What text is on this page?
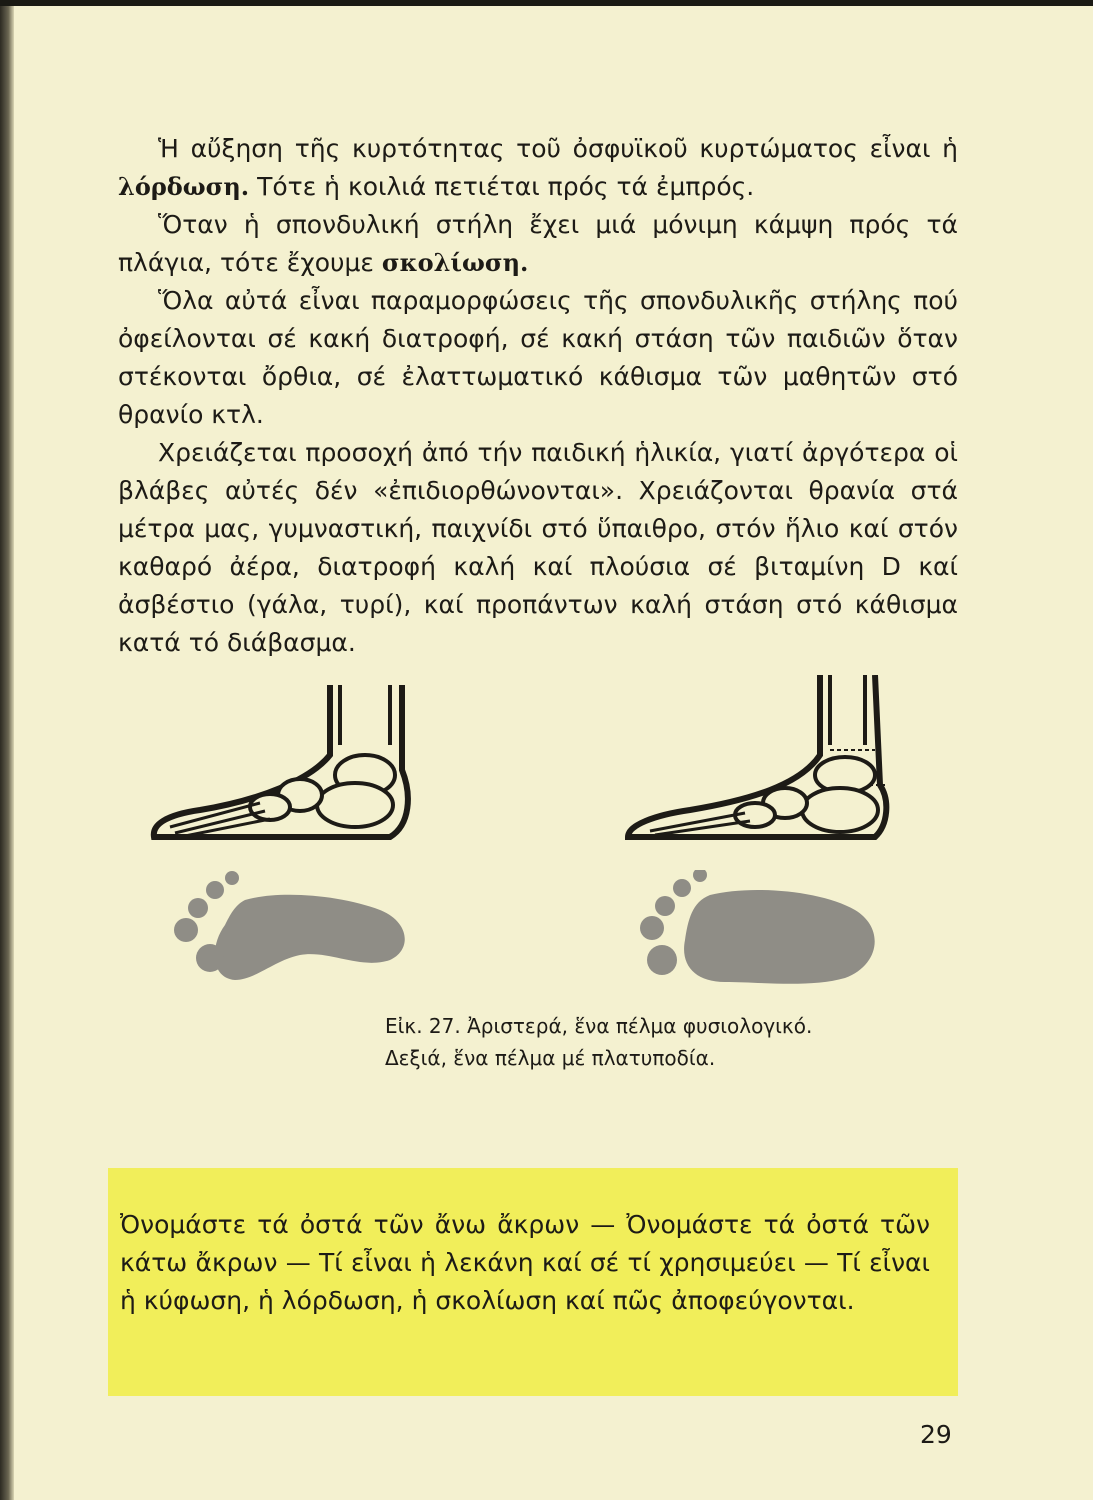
Ἡ αὔξηση τῆς κυρτότητας τοῦ ὀσφυϊκοῦ κυρτώματος εἶναι ἡ λόρδωση. Τότε ἡ κοιλιά πετιέται πρός τά ἐμπρός.

Ὅταν ἡ σπονδυλική στήλη ἔχει μιά μόνιμη κάμψη πρός τά πλάγια, τότε ἔχουμε σκολίωση.

Ὅλα αὐτά εἶναι παραμορφώσεις τῆς σπονδυλικῆς στήλης πού ὀφείλονται σέ κακή διατροφή, σέ κακή στάση τῶν παιδιῶν ὅταν στέκονται ὄρθια, σέ ἐλαττωματικό κάθισμα τῶν μαθητῶν στό θρανίο κτλ.

Χρειάζεται προσοχή ἀπό τήν παιδική ἡλικία, γιατί ἀργότερα οἱ βλάβες αὐτές δέν «ἐπιδιορθώνονται». Χρειάζονται θρανία στά μέτρα μας, γυμναστική, παιχνίδι στό ὕπαιθρο, στόν ἥλιο καί στόν καθαρό ἀέρα, διατροφή καλή καί πλούσια σέ βιταμίνη D καί ἀσβέστιο (γάλα, τυρί), καί προπάντων καλή στάση στό κάθισμα κατά τό διάβασμα.

Εἰκ. 27. Ἀριστερά, ἕνα πέλμα φυσιολογικό.

Δεξιά, ἕνα πέλμα μέ πλατυποδία.

Ὀνομάστε τά ὀστά τῶν ἄνω ἄκρων — Ὀνομάστε τά ὀστά τῶν κάτω ἄκρων — Τί εἶναι ἡ λεκάνη καί σέ τί χρησιμεύει — Τί εἶναι ἡ κύφωση, ἡ λόρδωση, ἡ σκολίωση καί πῶς ἀποφεύγονται.

29
